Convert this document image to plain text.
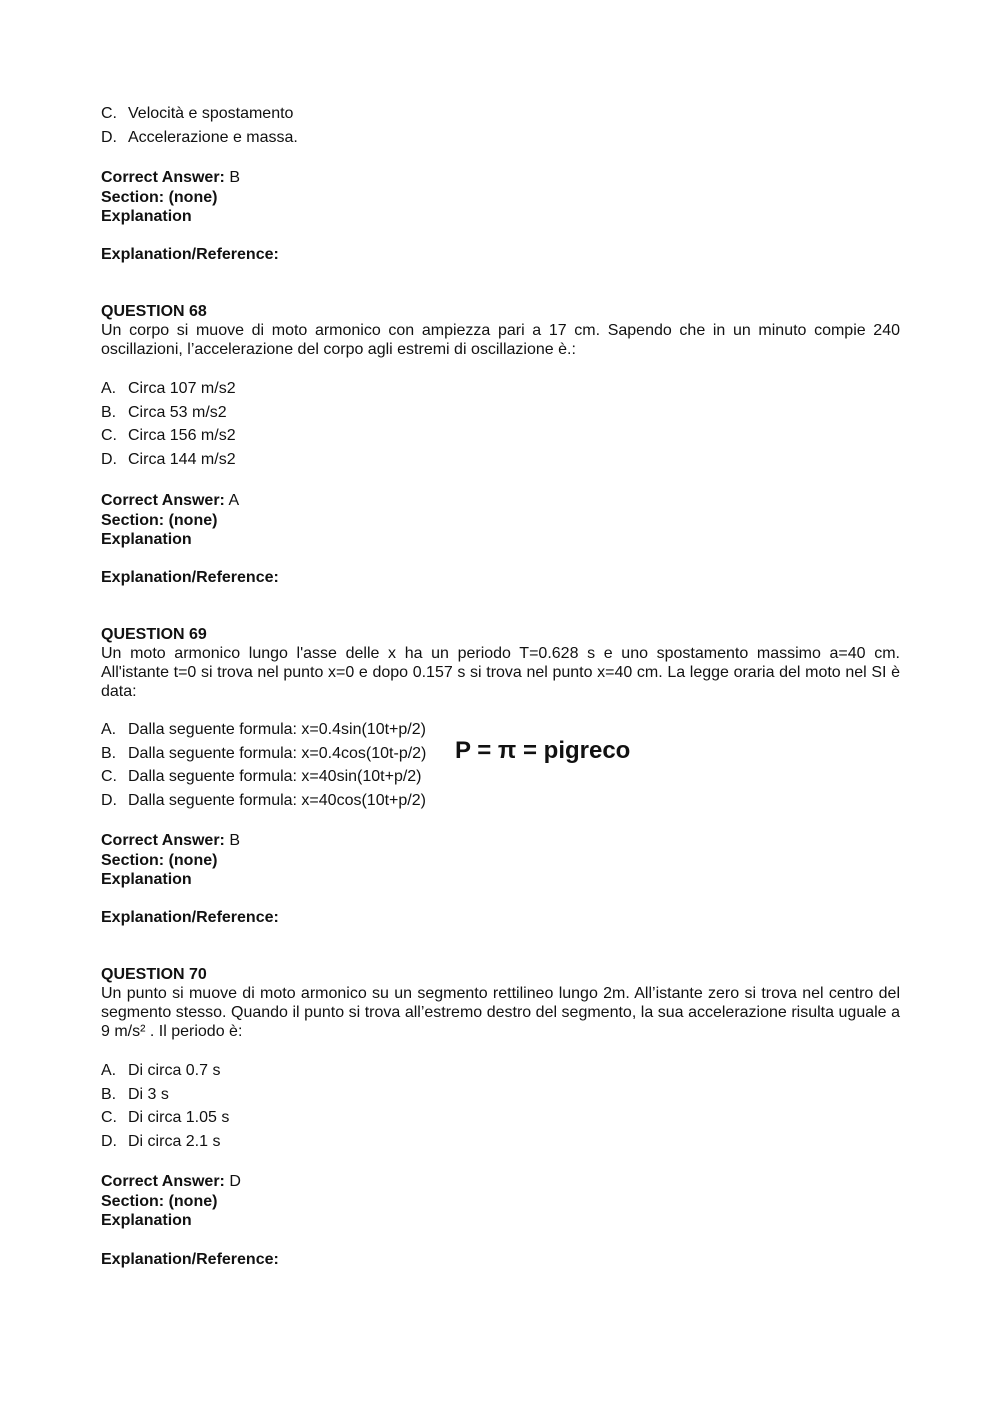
C. Velocità e spostamento
D. Accelerazione e massa.
Correct Answer: B
Section: (none)
Explanation
Explanation/Reference:
QUESTION 68

Un corpo si muove di moto armonico con ampiezza pari a 17 cm. Sapendo che in un minuto compie 240 oscillazioni, l’accelerazione del corpo agli estremi di oscillazione è.:

A. Circa 107 m/s2
B. Circa 53 m/s2
C. Circa 156 m/s2
D. Circa 144 m/s2
Correct Answer: A
Section: (none)
Explanation
Explanation/Reference:
QUESTION 69

Un moto armonico lungo l'asse delle x ha un periodo T=0.628 s e uno spostamento massimo a=40 cm. All'istante t=0 si trova nel punto x=0 e dopo 0.157 s si trova nel punto x=40 cm. La legge oraria del moto nel SI è data:

A. Dalla seguente formula: x=0.4sin(10t+p/2)
B. Dalla seguente formula: x=0.4cos(10t-p/2)
C. Dalla seguente formula: x=40sin(10t+p/2)
D. Dalla seguente formula: x=40cos(10t+p/2)
P = π = pigreco
Correct Answer: B
Section: (none)
Explanation
Explanation/Reference:
QUESTION 70

Un punto si muove di moto armonico su un segmento rettilineo lungo 2m. All’istante zero si trova nel centro del segmento stesso. Quando il punto si trova all’estremo destro del segmento, la sua accelerazione risulta uguale a 9 m/s² . Il periodo è:

A. Di circa 0.7 s
B. Di 3 s
C. Di circa 1.05 s
D. Di circa 2.1 s
Correct Answer: D
Section: (none)
Explanation
Explanation/Reference:
